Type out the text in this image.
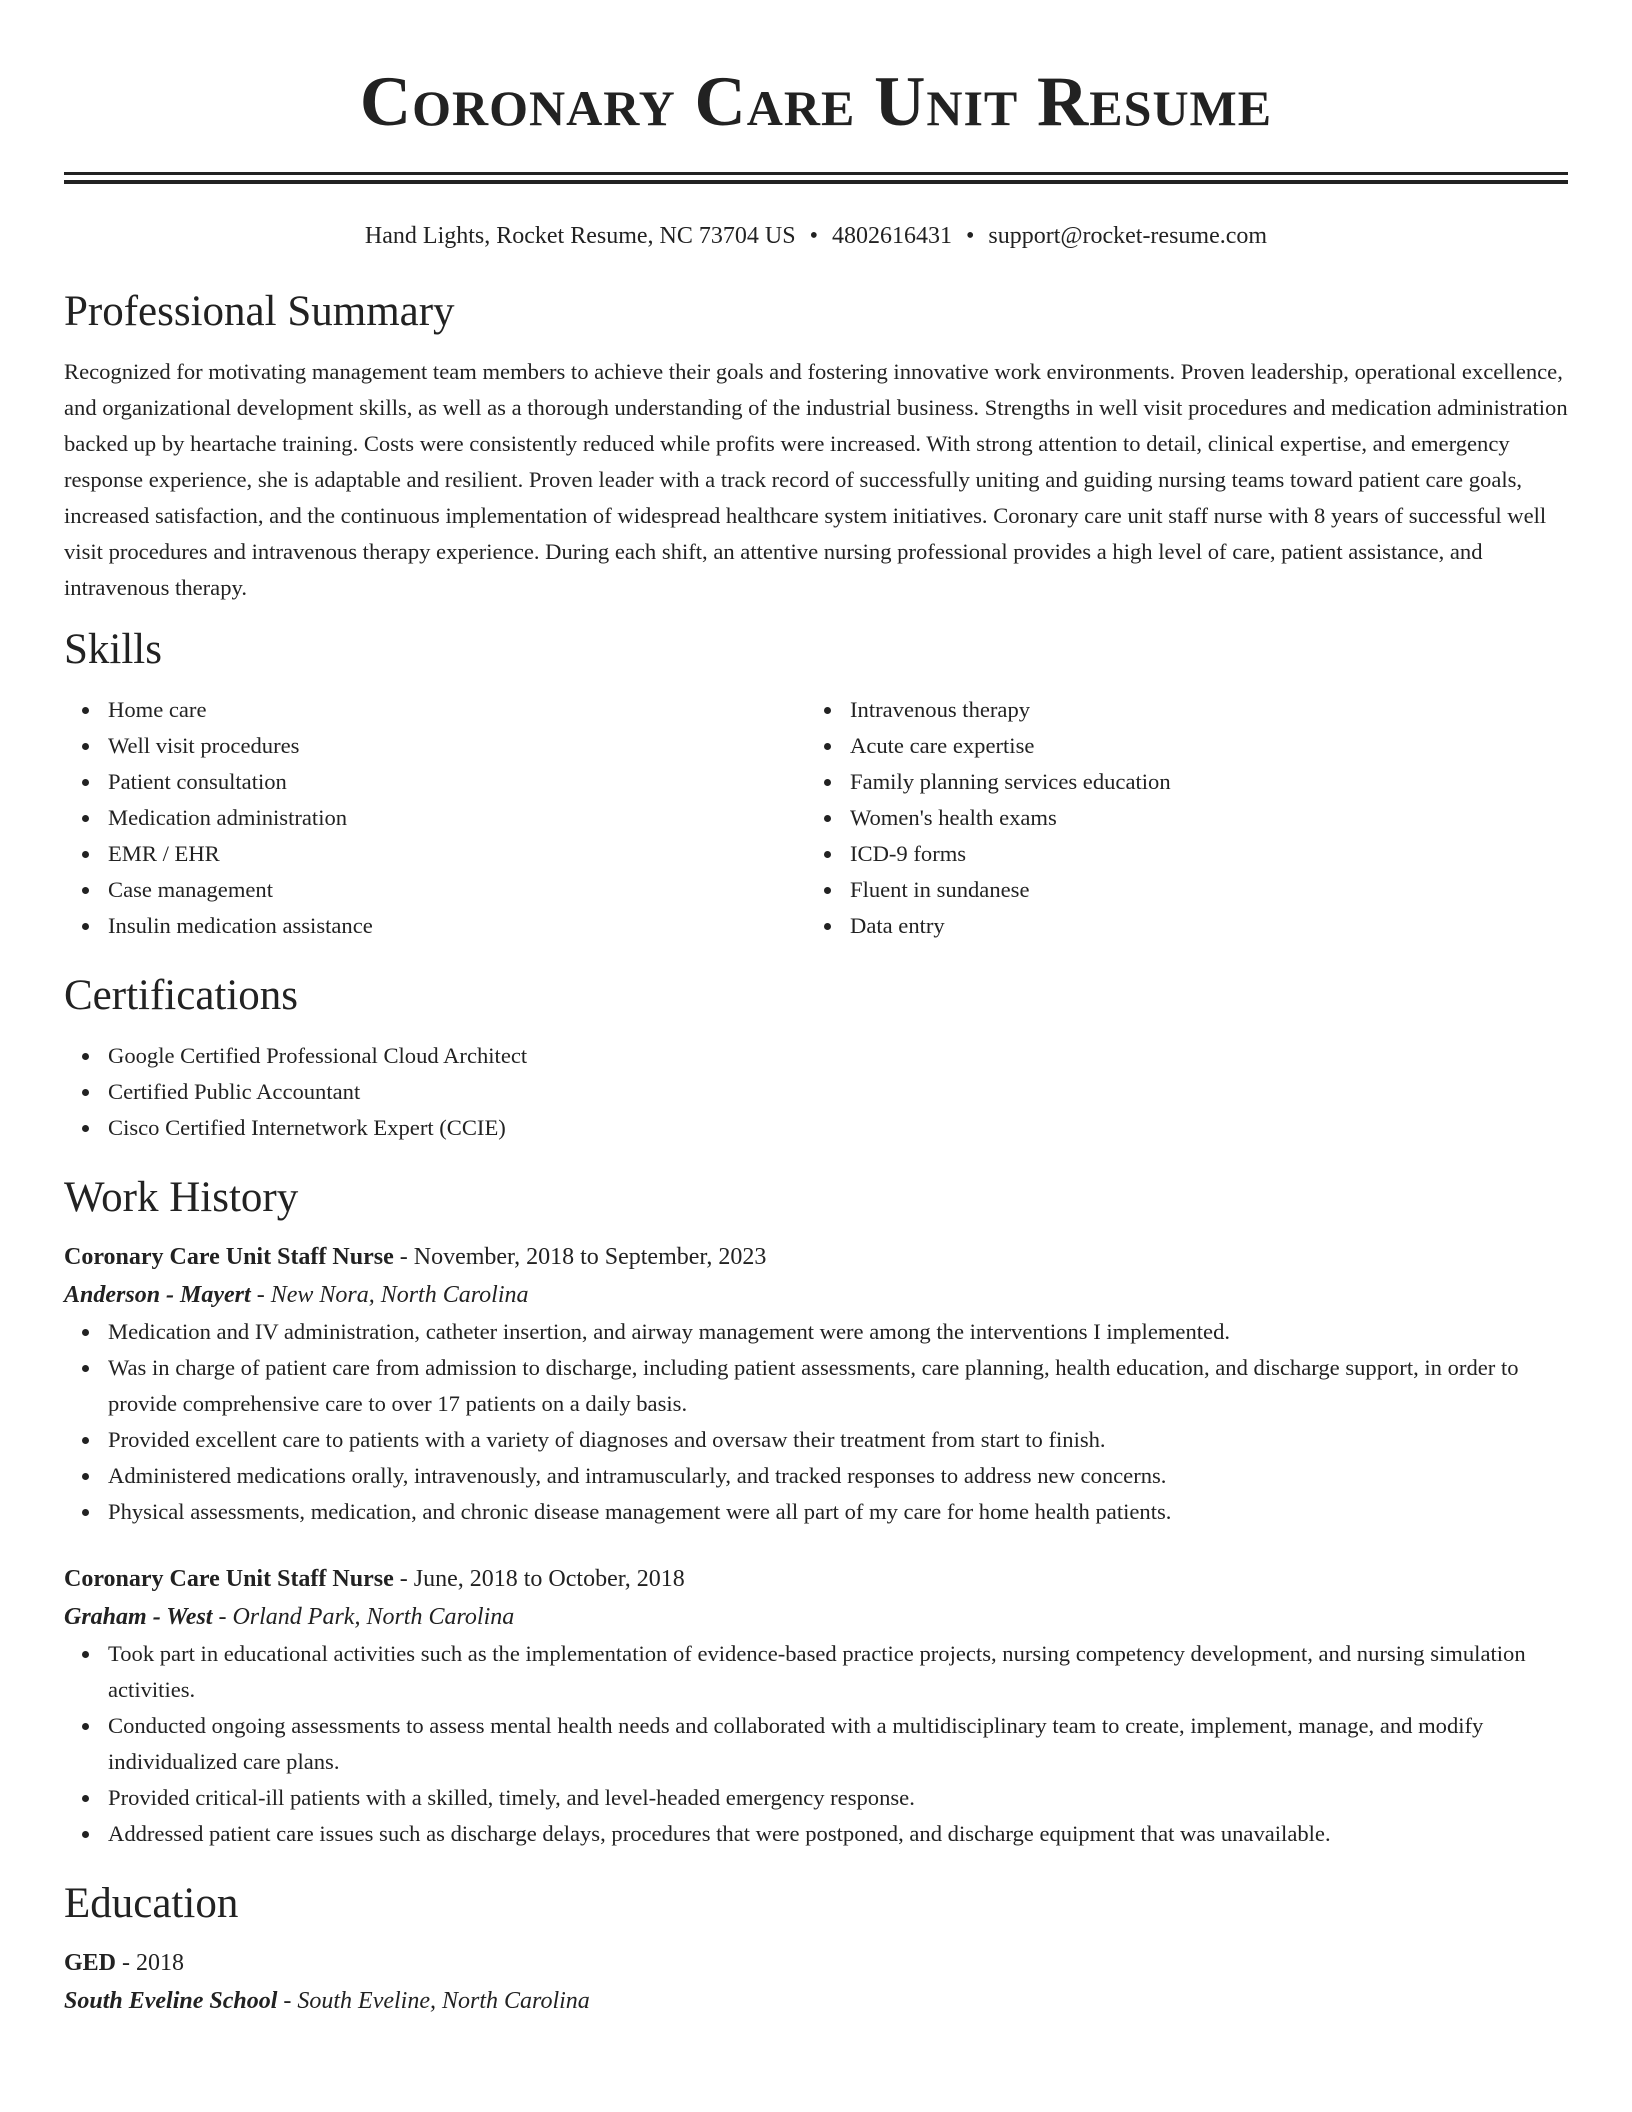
Coronary Care Unit Resume
Hand Lights, Rocket Resume, NC 73704 US • 4802616431 • support@rocket-resume.com
Professional Summary

Recognized for motivating management team members to achieve their goals and fostering innovative work environments. Proven leadership, operational excellence, and organizational development skills, as well as a thorough understanding of the industrial business. Strengths in well visit procedures and medication administration backed up by heartache training. Costs were consistently reduced while profits were increased. With strong attention to detail, clinical expertise, and emergency response experience, she is adaptable and resilient. Proven leader with a track record of successfully uniting and guiding nursing teams toward patient care goals, increased satisfaction, and the continuous implementation of widespread healthcare system initiatives. Coronary care unit staff nurse with 8 years of successful well visit procedures and intravenous therapy experience. During each shift, an attentive nursing professional provides a high level of care, patient assistance, and intravenous therapy.

Skills
Home care
Well visit procedures
Patient consultation
Medication administration
EMR / EHR
Case management
Insulin medication assistance
Intravenous therapy
Acute care expertise
Family planning services education
Women's health exams
ICD-9 forms
Fluent in sundanese
Data entry
Certifications
Google Certified Professional Cloud Architect
Certified Public Accountant
Cisco Certified Internetwork Expert (CCIE)
Work History
Coronary Care Unit Staff Nurse - November, 2018 to September, 2023
Anderson - Mayert - New Nora, North Carolina
Medication and IV administration, catheter insertion, and airway management were among the interventions I implemented.
Was in charge of patient care from admission to discharge, including patient assessments, care planning, health education, and discharge support, in order to provide comprehensive care to over 17 patients on a daily basis.
Provided excellent care to patients with a variety of diagnoses and oversaw their treatment from start to finish.
Administered medications orally, intravenously, and intramuscularly, and tracked responses to address new concerns.
Physical assessments, medication, and chronic disease management were all part of my care for home health patients.
Coronary Care Unit Staff Nurse - June, 2018 to October, 2018
Graham - West - Orland Park, North Carolina
Took part in educational activities such as the implementation of evidence-based practice projects, nursing competency development, and nursing simulation activities.
Conducted ongoing assessments to assess mental health needs and collaborated with a multidisciplinary team to create, implement, manage, and modify individualized care plans.
Provided critical-ill patients with a skilled, timely, and level-headed emergency response.
Addressed patient care issues such as discharge delays, procedures that were postponed, and discharge equipment that was unavailable.
Education
GED - 2018
South Eveline School - South Eveline, North Carolina
